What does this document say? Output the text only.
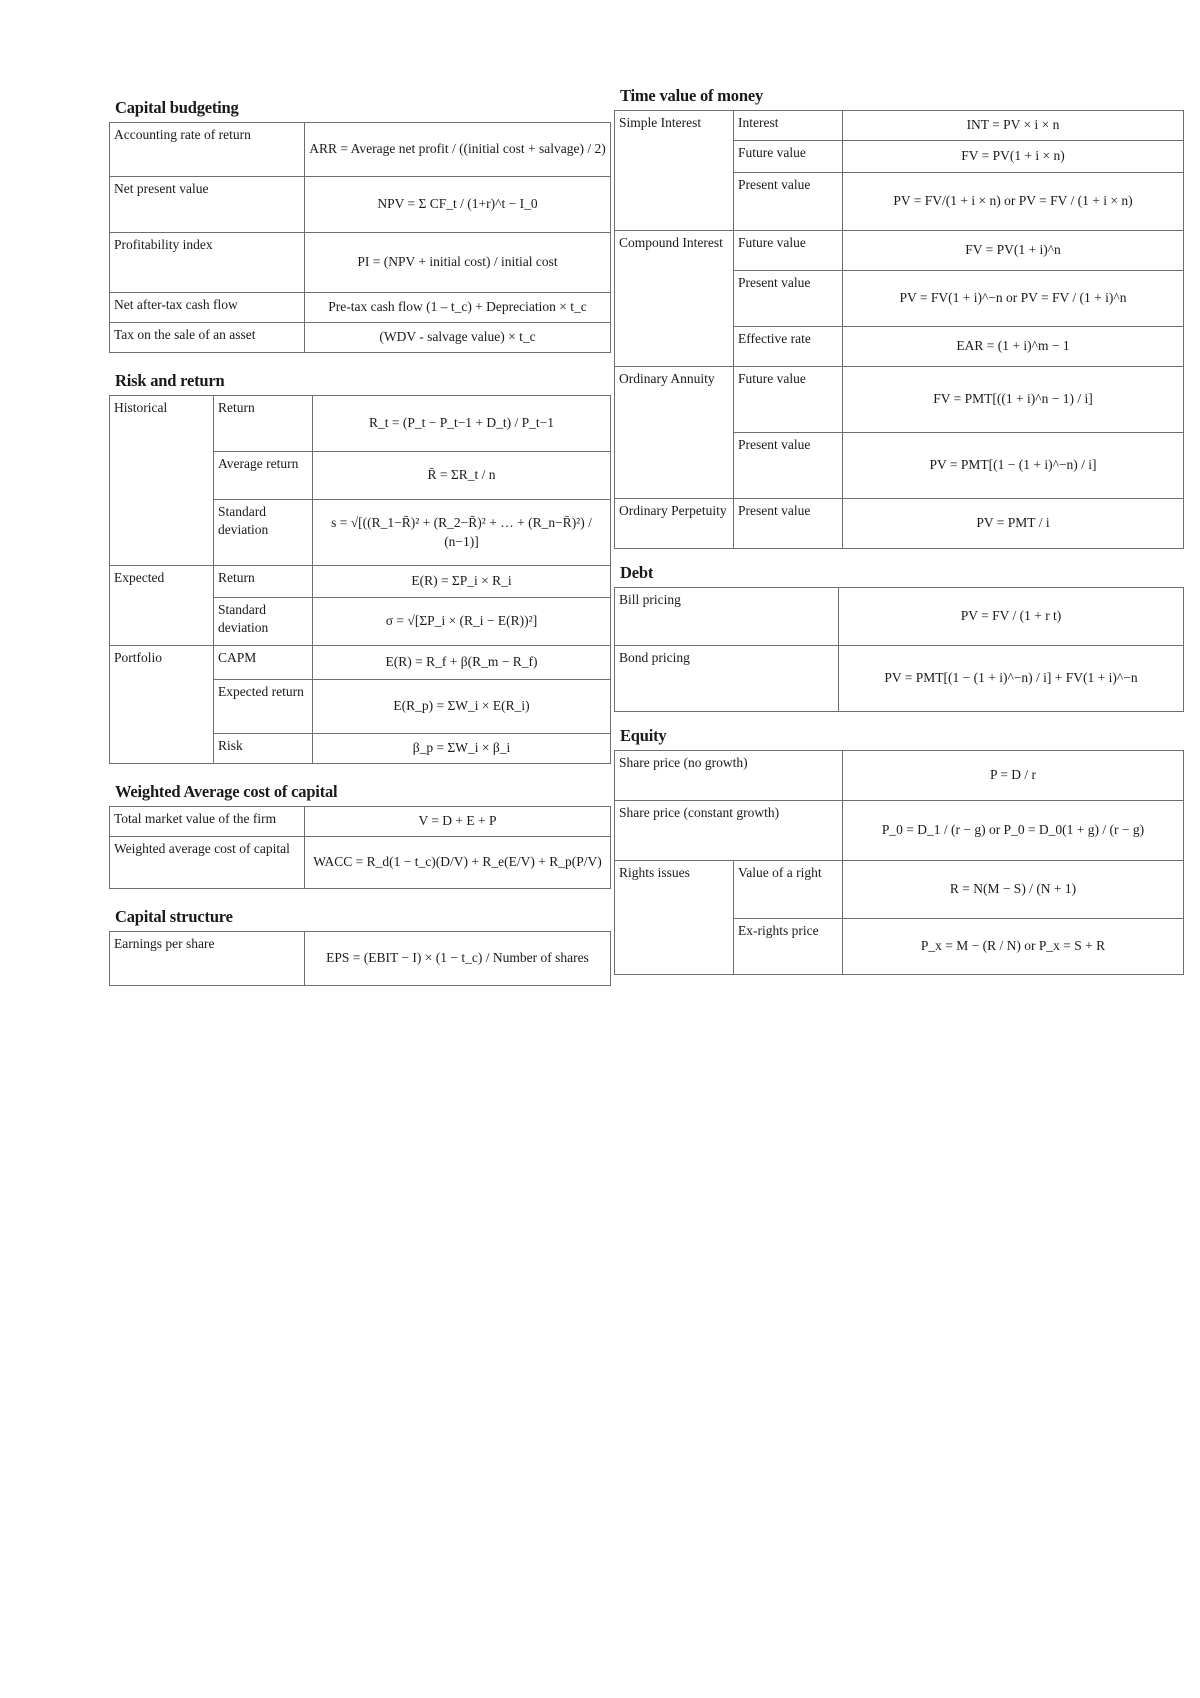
Capital budgeting
Accounting rate of return	ARR = Average net profit / ((initial cost + salvage) / 2)
Net present value	NPV = Σ CF_t / (1+r)^t − I_0
Profitability index	PI = (NPV + initial cost) / initial cost
Net after-tax cash flow	Pre-tax cash flow (1 – t_c) + Depreciation × t_c
Tax on the sale of an asset	(WDV - salvage value) × t_c
Risk and return
Historical	Return	R_t = (P_t − P_t−1 + D_t) / P_t−1
	Average return	R̄ = ΣR_t / n
	Standard deviation	s = √[((R_1−R̄)² + (R_2−R̄)² + … + (R_n−R̄)²) / (n−1)]
Expected	Return	E(R) = ΣP_i × R_i
	Standard deviation	σ = √[ΣP_i × (R_i − E(R))²]
Portfolio	CAPM	E(R) = R_f + β(R_m − R_f)
	Expected return	E(R_p) = ΣW_i × E(R_i)
	Risk	β_p = ΣW_i × β_i
Weighted Average cost of capital
Total market value of the firm	V = D + E + P
Weighted average cost of capital	WACC = R_d(1 − t_c)(D/V) + R_e(E/V) + R_p(P/V)
Capital structure
Earnings per share	EPS = (EBIT − I) × (1 − t_c) / Number of shares
Time value of money
Simple Interest	Interest	INT = PV × i × n
	Future value	FV = PV(1 + i × n)
	Present value	PV = FV/(1 + i × n) or PV = FV / (1 + i × n)
Compound Interest	Future value	FV = PV(1 + i)^n
	Present value	PV = FV(1 + i)^−n or PV = FV / (1 + i)^n
	Effective rate	EAR = (1 + i)^m − 1
Ordinary Annuity	Future value	FV = PMT[((1 + i)^n − 1) / i]
	Present value	PV = PMT[(1 − (1 + i)^−n) / i]
Ordinary Perpetuity	Present value	PV = PMT / i
Debt
Bill pricing	PV = FV / (1 + r t)
Bond pricing	PV = PMT[(1 − (1 + i)^−n) / i] + FV(1 + i)^−n
Equity
Share price (no growth)		P = D / r
Share price (constant growth)		P_0 = D_1 / (r − g) or P_0 = D_0(1 + g) / (r − g)
Rights issues	Value of a right	R = N(M − S) / (N + 1)
	Ex-rights price	P_x = M − (R / N) or P_x = S + R
